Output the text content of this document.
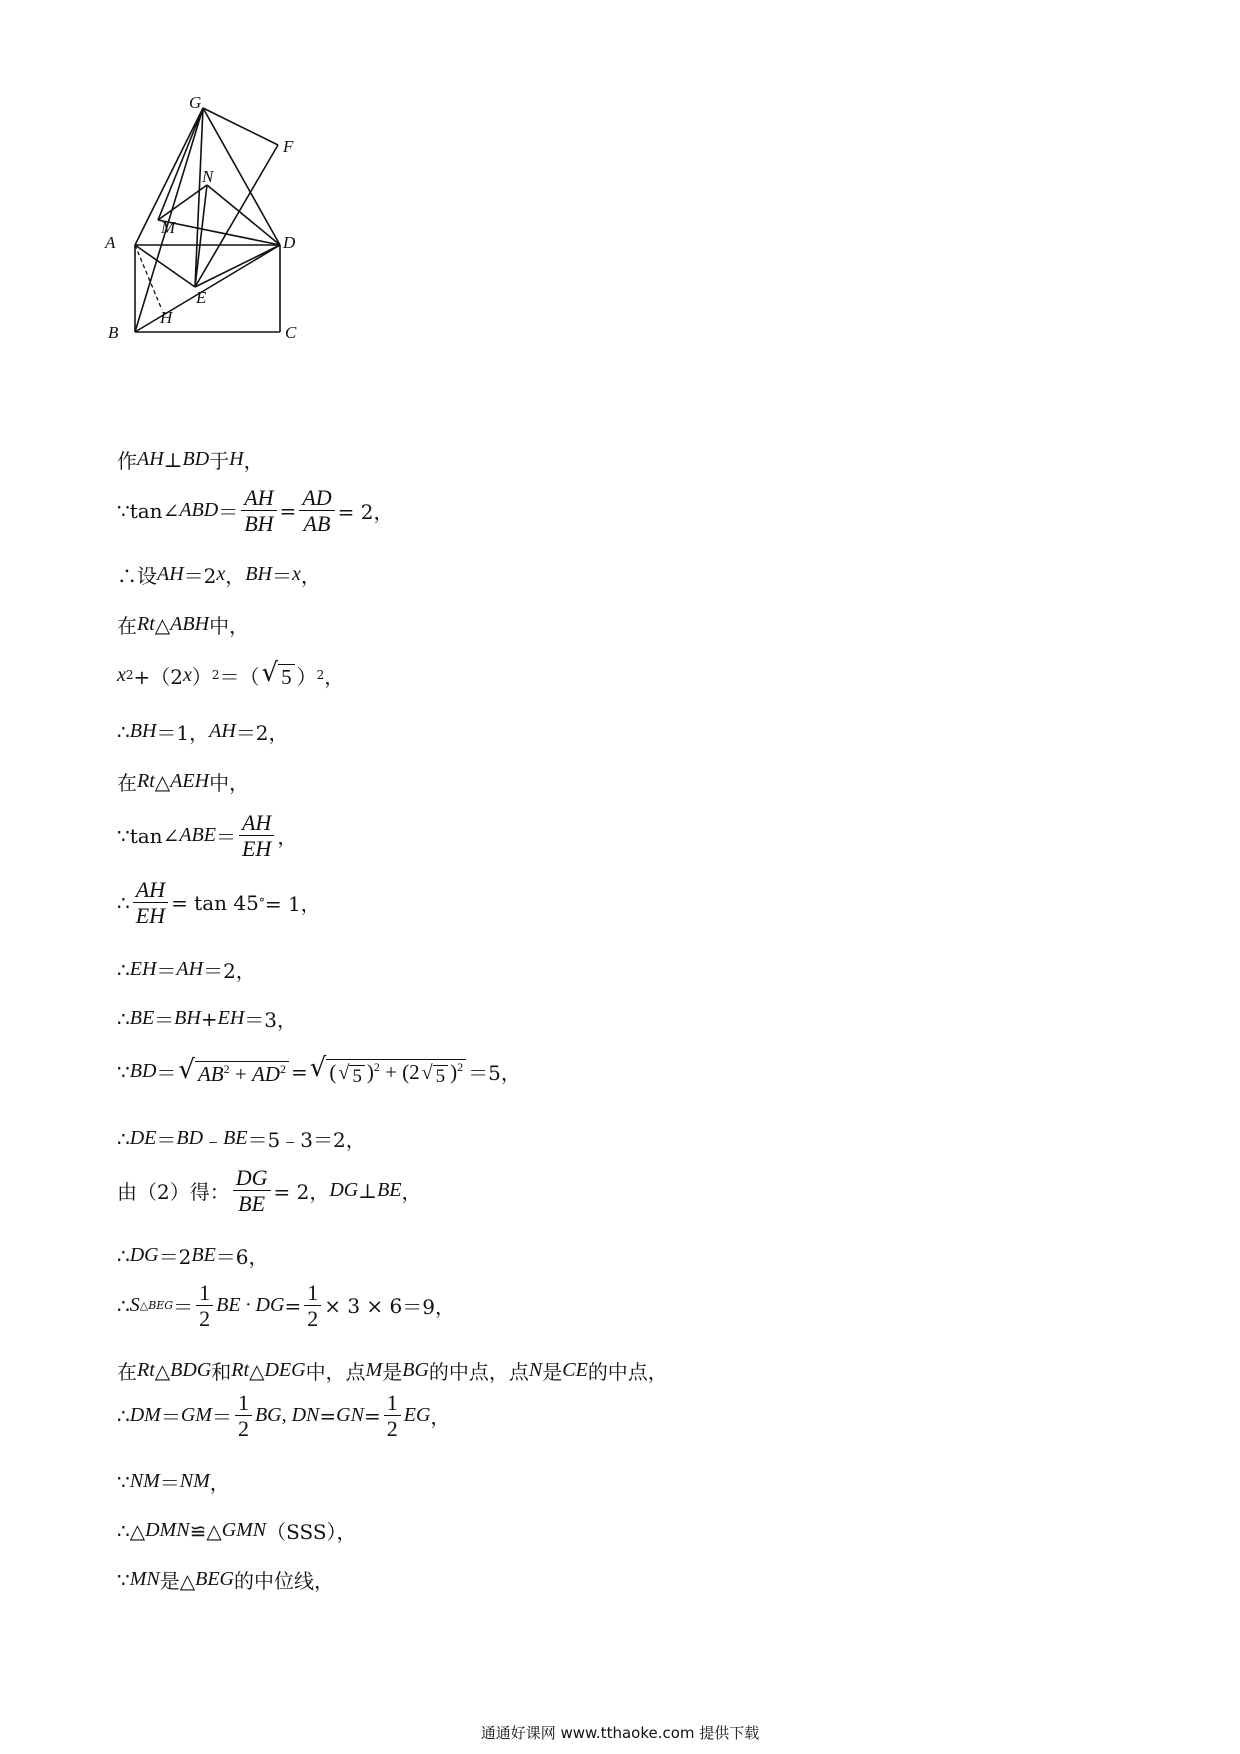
G
F
N
M
A	D
E
H
B	C
作 AH ⊥ BD 于 H ，
∵tan∠ ABD ＝ $\frac{AH}{BH} = \frac{AD}{AB} = 2$，
∴设 AH ＝2 x ， BH ＝ x ，
在 Rt △ ABH 中，
x 2 +（2 x ） 2 ＝（ √ 5 ） 2 ，
∴ BH ＝1， AH ＝2，
在 Rt △ AEH 中，
∵tan∠ ABE ＝ $\frac{AH}{EH}$ ，
∴ $\frac{AH}{EH} = \tan 45$ ° = 1，
∴ EH ＝ AH ＝2，
∴ BE ＝ BH + EH ＝3，
∵ BD ＝ √ $AB^2 + AD^2$ = √ ( √ 5 )$^2$ + (2 √ 5 )$^2$ ＝5，
∴ DE ＝ BD ﹣ BE ＝5﹣3＝2，
由（2）得： $\frac{DG}{BE} = 2$， DG ⊥ BE ，
∴ DG ＝2 BE ＝6，
∴ S △BEG ＝ $\frac{1}{2}$ BE · DG = $\frac{1}{2} \times 3 \times 6 =9$，
在 Rt △ BDG 和 Rt △ DEG 中，点 M 是 BG 的中点，点 N 是 CE 的中点，
∴ DM ＝ GM ＝ $\frac{1}{2}$ BG, DN = GN = $\frac{1}{2}$ EG ，
∵ NM ＝ NM ，
∴△ DMN ≌△ GMN （SSS），
∵ MN 是△ BEG 的中位线，
通通好课网 www.tthaoke.com 提供下载
